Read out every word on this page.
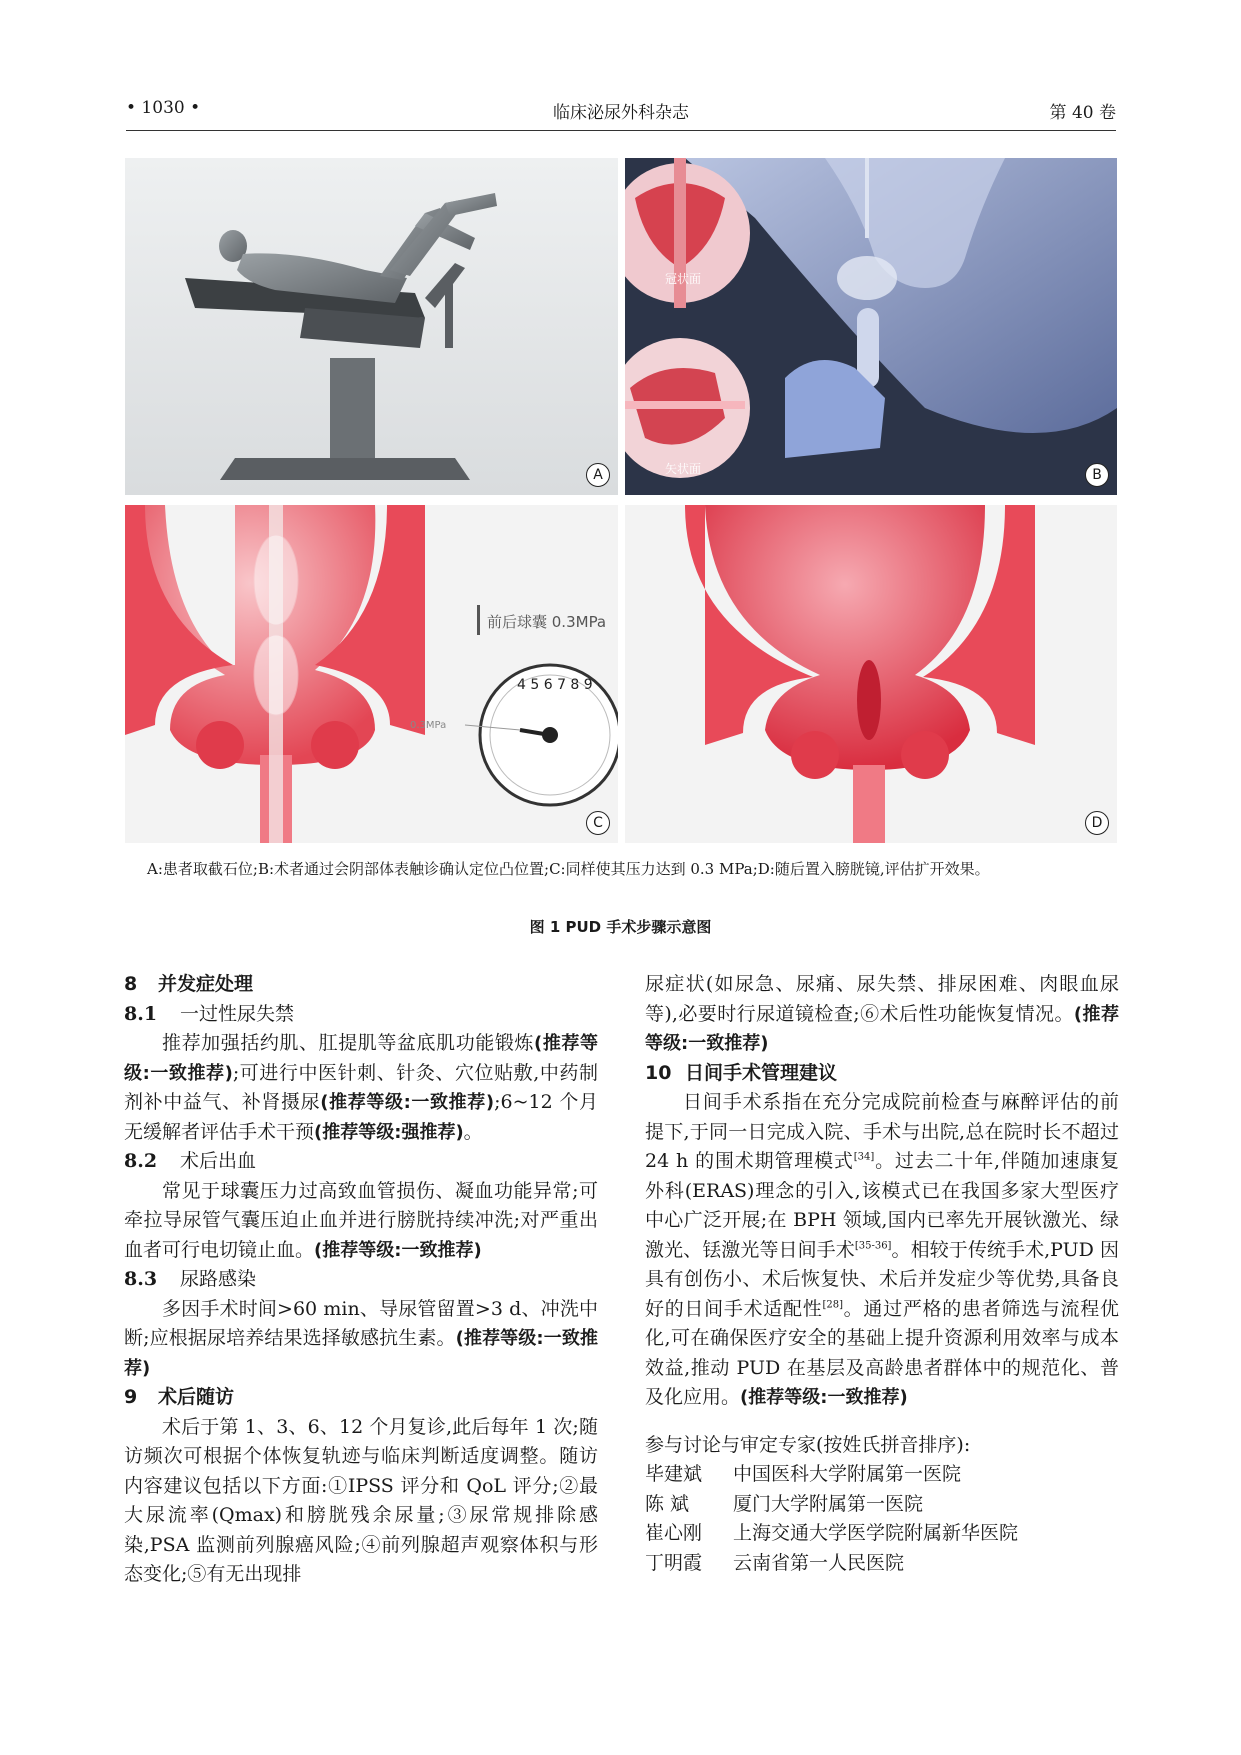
• 1030 •	临床泌尿外科杂志	第 40 卷
A
冠状面
矢状面	B
前后球囊 0.3MPa
4 5 6 7 8 9
0.3MPa
C	D
A:患者取截石位;B:术者通过会阴部体表触诊确认定位凸位置;C:同样使其压力达到 0.3 MPa;D:随后置入膀胱镜,评估扩开效果。
图 1 PUD 手术步骤示意图

8 并发症处理

8.1 一过性尿失禁

推荐加强括约肌、肛提肌等盆底肌功能锻炼(推荐等级:一致推荐);可进行中医针刺、针灸、穴位贴敷,中药制剂补中益气、补肾摄尿(推荐等级:一致推荐);6~12 个月无缓解者评估手术干预(推荐等级:强推荐)。

8.2 术后出血

常见于球囊压力过高致血管损伤、凝血功能异常;可牵拉导尿管气囊压迫止血并进行膀胱持续冲洗;对严重出血者可行电切镜止血。(推荐等级:一致推荐)

8.3 尿路感染

多因手术时间>60 min、导尿管留置>3 d、冲洗中断;应根据尿培养结果选择敏感抗生素。(推荐等级:一致推荐)

9 术后随访

术后于第 1、3、6、12 个月复诊,此后每年 1 次;随访频次可根据个体恢复轨迹与临床判断适度调整。随访内容建议包括以下方面:①IPSS 评分和 QoL 评分;②最大尿流率(Qmax)和膀胱残余尿量;③尿常规排除感染,PSA 监测前列腺癌风险;④前列腺超声观察体积与形态变化;⑤有无出现排

尿症状(如尿急、尿痛、尿失禁、排尿困难、肉眼血尿等),必要时行尿道镜检查;⑥术后性功能恢复情况。(推荐等级:一致推荐)

10 日间手术管理建议

日间手术系指在充分完成院前检查与麻醉评估的前提下,于同一日完成入院、手术与出院,总在院时长不超过 24 h 的围术期管理模式[34]。过去二十年,伴随加速康复外科(ERAS)理念的引入,该模式已在我国多家大型医疗中心广泛开展;在 BPH 领域,国内已率先开展钬激光、绿激光、铥激光等日间手术[35-36]。相较于传统手术,PUD 因具有创伤小、术后恢复快、术后并发症少等优势,具备良好的日间手术适配性[28]。通过严格的患者筛选与流程优化,可在确保医疗安全的基础上提升资源利用效率与成本效益,推动 PUD 在基层及高龄患者群体中的规范化、普及化应用。(推荐等级:一致推荐)

参与讨论与审定专家(按姓氏拼音排序):

毕建斌	中国医科大学附属第一医院

陈 斌	厦门大学附属第一医院

崔心刚	上海交通大学医学院附属新华医院

丁明霞	云南省第一人民医院
